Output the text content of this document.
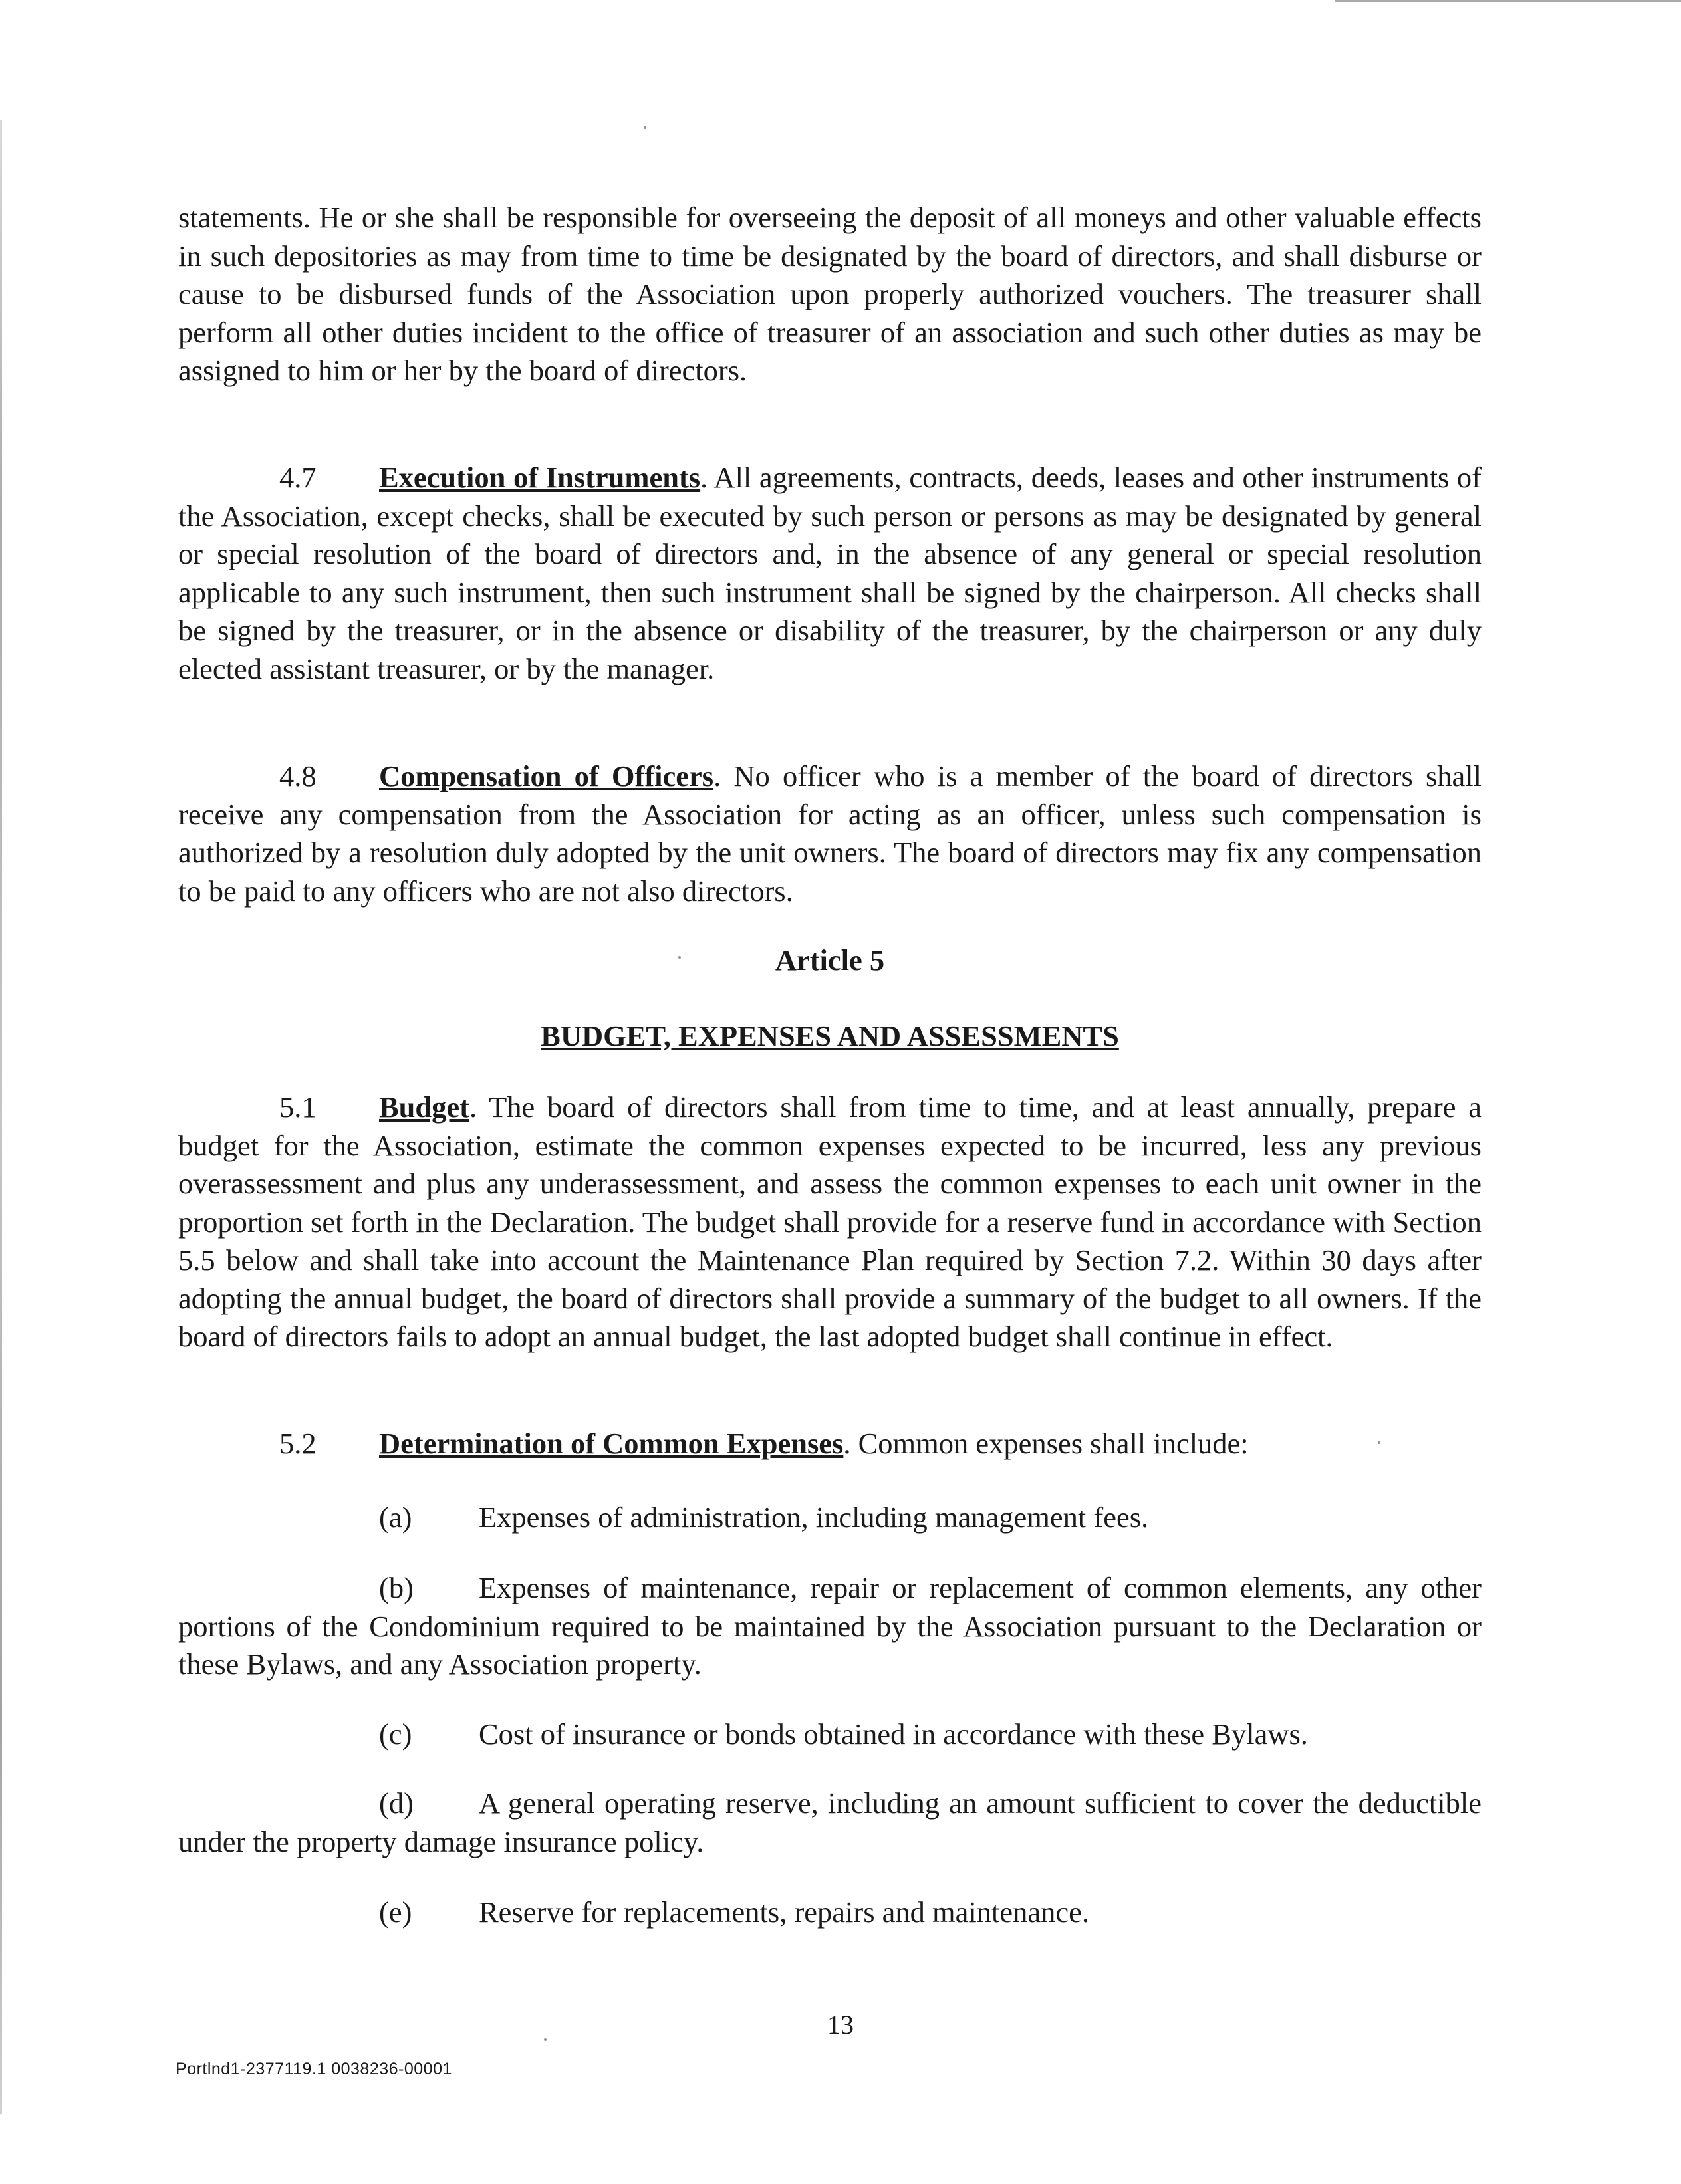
statements. He or she shall be responsible for overseeing the deposit of all moneys and other valuable effects in such depositories as may from time to time be designated by the board of directors, and shall disburse or cause to be disbursed funds of the Association upon properly authorized vouchers. The treasurer shall perform all other duties incident to the office of treasurer of an association and such other duties as may be assigned to him or her by the board of directors.

4.7 Execution of Instruments. All agreements, contracts, deeds, leases and other instruments of the Association, except checks, shall be executed by such person or persons as may be designated by general or special resolution of the board of directors and, in the absence of any general or special resolution applicable to any such instrument, then such instrument shall be signed by the chairperson. All checks shall be signed by the treasurer, or in the absence or disability of the treasurer, by the chairperson or any duly elected assistant treasurer, or by the manager.

4.8 Compensation of Officers. No officer who is a member of the board of directors shall receive any compensation from the Association for acting as an officer, unless such compensation is authorized by a resolution duly adopted by the unit owners. The board of directors may fix any compensation to be paid to any officers who are not also directors.

Article 5
BUDGET, EXPENSES AND ASSESSMENTS

5.1 Budget. The board of directors shall from time to time, and at least annually, prepare a budget for the Association, estimate the common expenses expected to be incurred, less any previous overassessment and plus any underassessment, and assess the common expenses to each unit owner in the proportion set forth in the Declaration. The budget shall provide for a reserve fund in accordance with Section 5.5 below and shall take into account the Maintenance Plan required by Section 7.2. Within 30 days after adopting the annual budget, the board of directors shall provide a summary of the budget to all owners. If the board of directors fails to adopt an annual budget, the last adopted budget shall continue in effect.

5.2 Determination of Common Expenses. Common expenses shall include:

(a) Expenses of administration, including management fees.
(b) Expenses of maintenance, repair or replacement of common elements, any other portions of the Condominium required to be maintained by the Association pursuant to the Declaration or these Bylaws, and any Association property.
(c) Cost of insurance or bonds obtained in accordance with these Bylaws.
(d) A general operating reserve, including an amount sufficient to cover the deductible under the property damage insurance policy.
(e) Reserve for replacements, repairs and maintenance.
13
Portlnd1-2377119.1 0038236-00001
